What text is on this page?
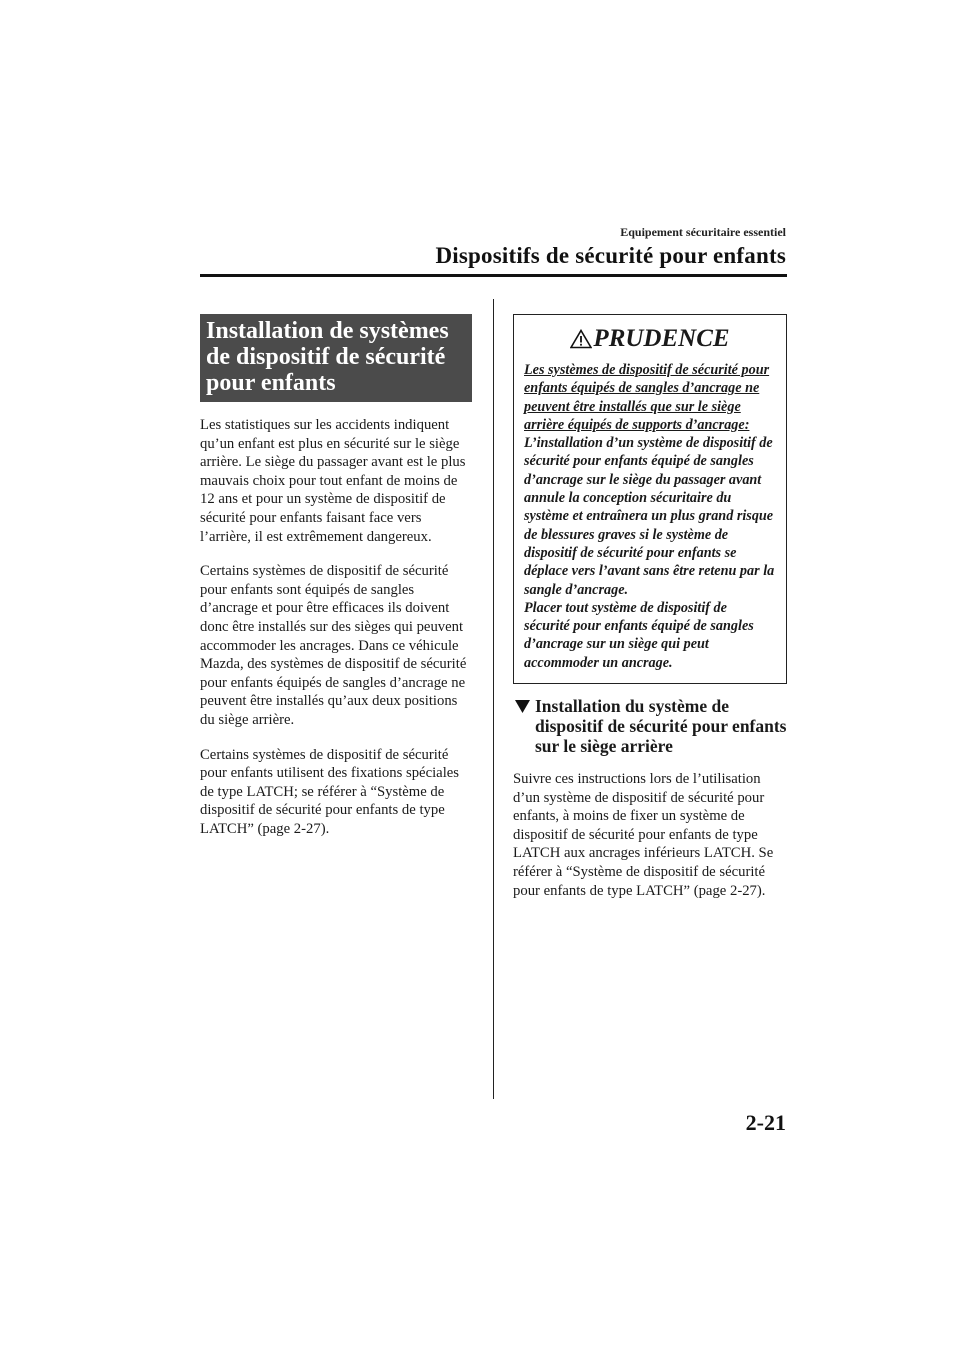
Equipement sécuritaire essentiel
Dispositifs de sécurité pour enfants
Installation de systèmes de dispositif de sécurité pour enfants

Les statistiques sur les accidents indiquent qu’un enfant est plus en sécurité sur le siège arrière. Le siège du passager avant est le plus mauvais choix pour tout enfant de moins de 12 ans et pour un système de dispositif de sécurité pour enfants faisant face vers l’arrière, il est extrêmement dangereux.

Certains systèmes de dispositif de sécurité pour enfants sont équipés de sangles d’ancrage et pour être efficaces ils doivent donc être installés sur des sièges qui peuvent accommoder les ancrages. Dans ce véhicule Mazda, des systèmes de dispositif de sécurité pour enfants équipés de sangles d’ancrage ne peuvent être installés qu’aux deux positions du siège arrière.

Certains systèmes de dispositif de sécurité pour enfants utilisent des fixations spéciales de type LATCH; se référer à “Système de dispositif de sécurité pour enfants de type LATCH” (page 2-27).

PRUDENCE
Les systèmes de dispositif de sécurité pour enfants équipés de sangles d’ancrage ne peuvent être installés que sur le siège arrière équipés de supports d’ancrage:
L’installation d’un système de dispositif de sécurité pour enfants équipé de sangles d’ancrage sur le siège du passager avant annule la conception sécuritaire du système et entraînera un plus grand risque de blessures graves si le système de dispositif de sécurité pour enfants se déplace vers l’avant sans être retenu par la sangle d’ancrage.
Placer tout système de dispositif de sécurité pour enfants équipé de sangles d’ancrage sur un siège qui peut accommoder un ancrage.
Installation du système de dispositif de sécurité pour enfants sur le siège arrière

Suivre ces instructions lors de l’utilisation d’un système de dispositif de sécurité pour enfants, à moins de fixer un système de dispositif de sécurité pour enfants de type LATCH aux ancrages inférieurs LATCH. Se référer à “Système de dispositif de sécurité pour enfants de type LATCH” (page 2-27).

2-21
